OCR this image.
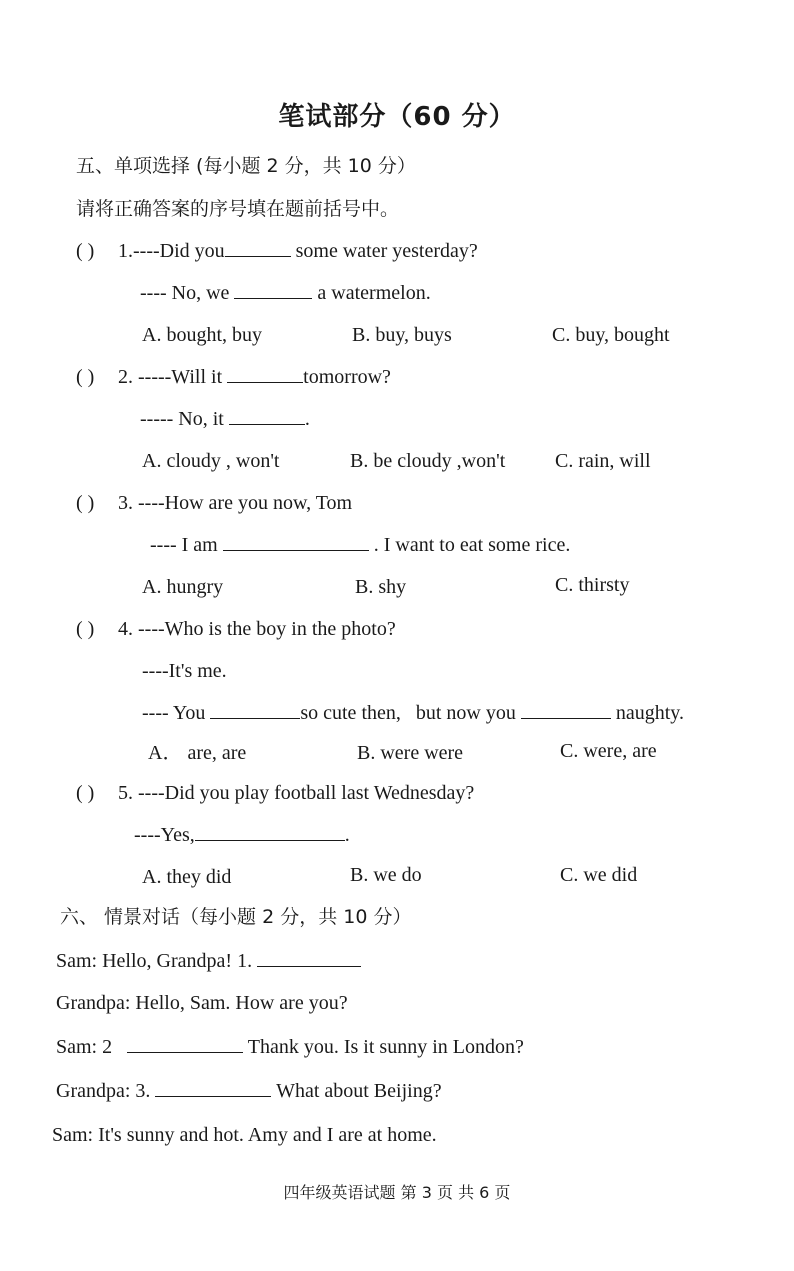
笔试部分（60 分）
五、单项选择 (每小题 2 分，共 10 分）
请将正确答案的序号填在题前括号中。
( ) 1.----Did you	some water yesterday?
---- No, we	a watermelon.
A. bought, buy	B. buy, buys	C. buy, bought
( ) 2. -----Will it	tomorrow?
----- No, it	.
A. cloudy , won't	B. be cloudy ,won't C. rain, will
( ) 3. ----How are you now, Tom
---- I am	. I want to eat some rice.
A. hungry	B. shy	C. thirsty
( ) 4. ----Who is the boy in the photo?
----It's me.
---- You	so cute then, but now you	naughty.
A． are, are	B. were were	C. were, are
( ) 5. ----Did you play football last Wednesday?
----Yes,	.
A. they did	B. we do	C. we did
六、 情景对话（每小题 2 分，共 10 分）
Sam: Hello, Grandpa! 1.
Grandpa: Hello, Sam. How are you?
Sam: 2	Thank you. Is it sunny in London?
Grandpa: 3.	What about Beijing?
Sam: It's sunny and hot. Amy and I are at home.
四年级英语试题 第 3 页 共 6 页
